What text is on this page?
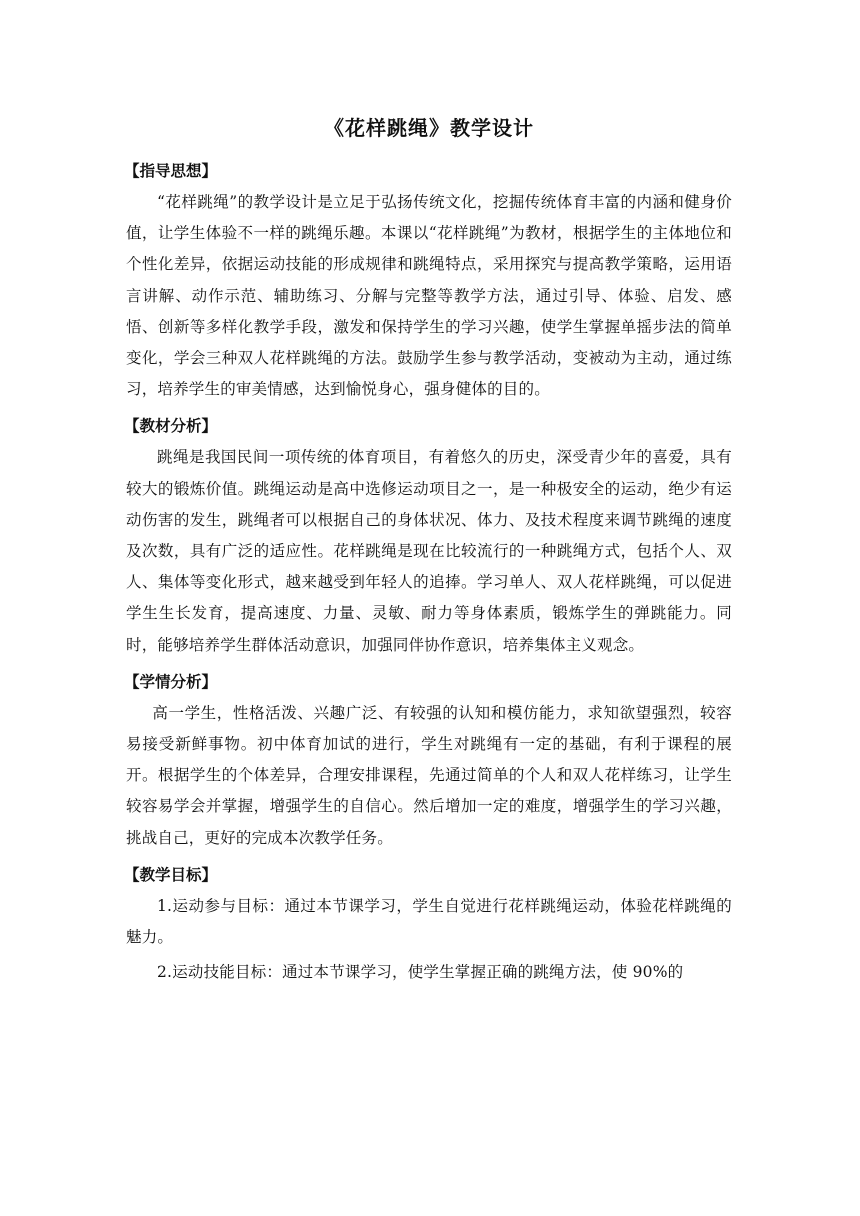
《花样跳绳》教学设计
【指导思想】

“花样跳绳”的教学设计是立足于弘扬传统文化，挖掘传统体育丰富的内涵和健身价值，让学生体验不一样的跳绳乐趣。本课以“花样跳绳”为教材，根据学生的主体地位和个性化差异，依据运动技能的形成规律和跳绳特点，采用探究与提高教学策略，运用语言讲解、动作示范、辅助练习、分解与完整等教学方法，通过引导、体验、启发、感悟、创新等多样化教学手段，激发和保持学生的学习兴趣，使学生掌握单摇步法的简单变化，学会三种双人花样跳绳的方法。鼓励学生参与教学活动，变被动为主动，通过练习，培养学生的审美情感，达到愉悦身心，强身健体的目的。

【教材分析】

跳绳是我国民间一项传统的体育项目，有着悠久的历史，深受青少年的喜爱，具有较大的锻炼价值。跳绳运动是高中选修运动项目之一，是一种极安全的运动，绝少有运动伤害的发生，跳绳者可以根据自己的身体状况、体力、及技术程度来调节跳绳的速度及次数，具有广泛的适应性。花样跳绳是现在比较流行的一种跳绳方式，包括个人、双人、集体等变化形式，越来越受到年轻人的追捧。学习单人、双人花样跳绳，可以促进学生生长发育，提高速度、力量、灵敏、耐力等身体素质，锻炼学生的弹跳能力。同时，能够培养学生群体活动意识，加强同伴协作意识，培养集体主义观念。

【学情分析】

高一学生，性格活泼、兴趣广泛、有较强的认知和模仿能力，求知欲望强烈，较容易接受新鲜事物。初中体育加试的进行，学生对跳绳有一定的基础，有利于课程的展开。根据学生的个体差异，合理安排课程，先通过简单的个人和双人花样练习，让学生较容易学会并掌握，增强学生的自信心。然后增加一定的难度，增强学生的学习兴趣，挑战自己，更好的完成本次教学任务。

【教学目标】

1.运动参与目标：通过本节课学习，学生自觉进行花样跳绳运动，体验花样跳绳的魅力。

2.运动技能目标：通过本节课学习，使学生掌握正确的跳绳方法，使 90%的
